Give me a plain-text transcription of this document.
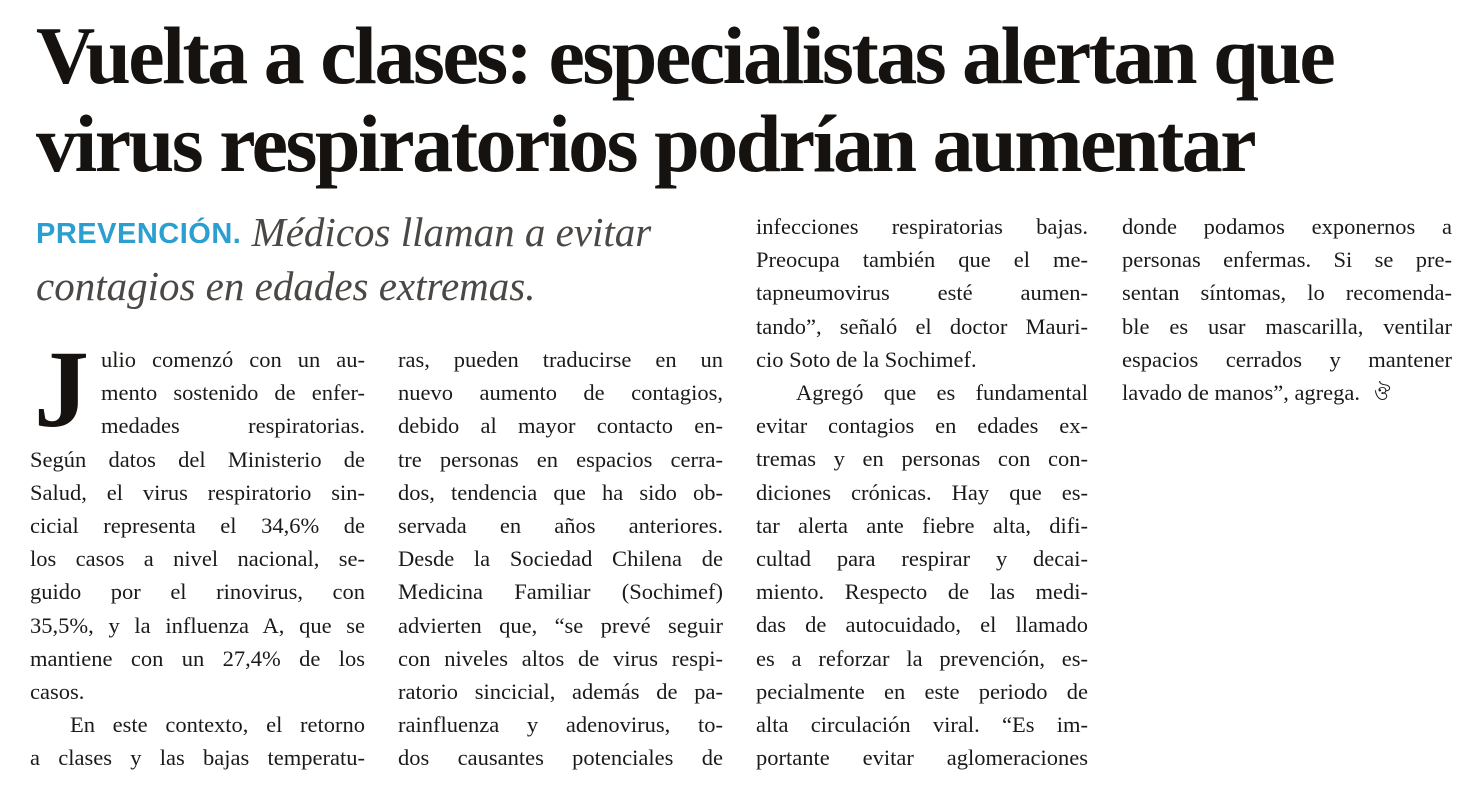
Vuelta a clases: especialistas alertan que
virus respiratorios podrían aumentar
PREVENCIÓN. Médicos llaman a evitar contagios en edades extremas.
J ulio comenzó con un au-
mento sostenido de enfer-
medades respiratorias.
Según datos del Ministerio de
Salud, el virus respiratorio sin-
cicial representa el 34,6% de
los casos a nivel nacional, se-
guido por el rinovirus, con
35,5%, y la influenza A, que se
mantiene con un 27,4% de los
casos.
En este contexto, el retorno
a clases y las bajas temperatu-
ras, pueden traducirse en un
nuevo aumento de contagios,
debido al mayor contacto en-
tre personas en espacios cerra-
dos, tendencia que ha sido ob-
servada en años anteriores.
Desde la Sociedad Chilena de
Medicina Familiar (Sochimef)
advierten que, “se prevé seguir
con niveles altos de virus respi-
ratorio sincicial, además de pa-
rainfluenza y adenovirus, to-
dos causantes potenciales de
infecciones respiratorias bajas.
Preocupa también que el me-
tapneumovirus esté aumen-
tando”, señaló el doctor Mauri-
cio Soto de la Sochimef.
Agregó que es fundamental
evitar contagios en edades ex-
tremas y en personas con con-
diciones crónicas. Hay que es-
tar alerta ante fiebre alta, difi-
cultad para respirar y decai-
miento. Respecto de las medi-
das de autocuidado, el llamado
es a reforzar la prevención, es-
pecialmente en este periodo de
alta circulación viral. “Es im-
portante evitar aglomeraciones
donde podamos exponernos a
personas enfermas. Si se pre-
sentan síntomas, lo recomenda-
ble es usar mascarilla, ventilar
espacios cerrados y mantener
lavado de manos”, agrega. ঔ
